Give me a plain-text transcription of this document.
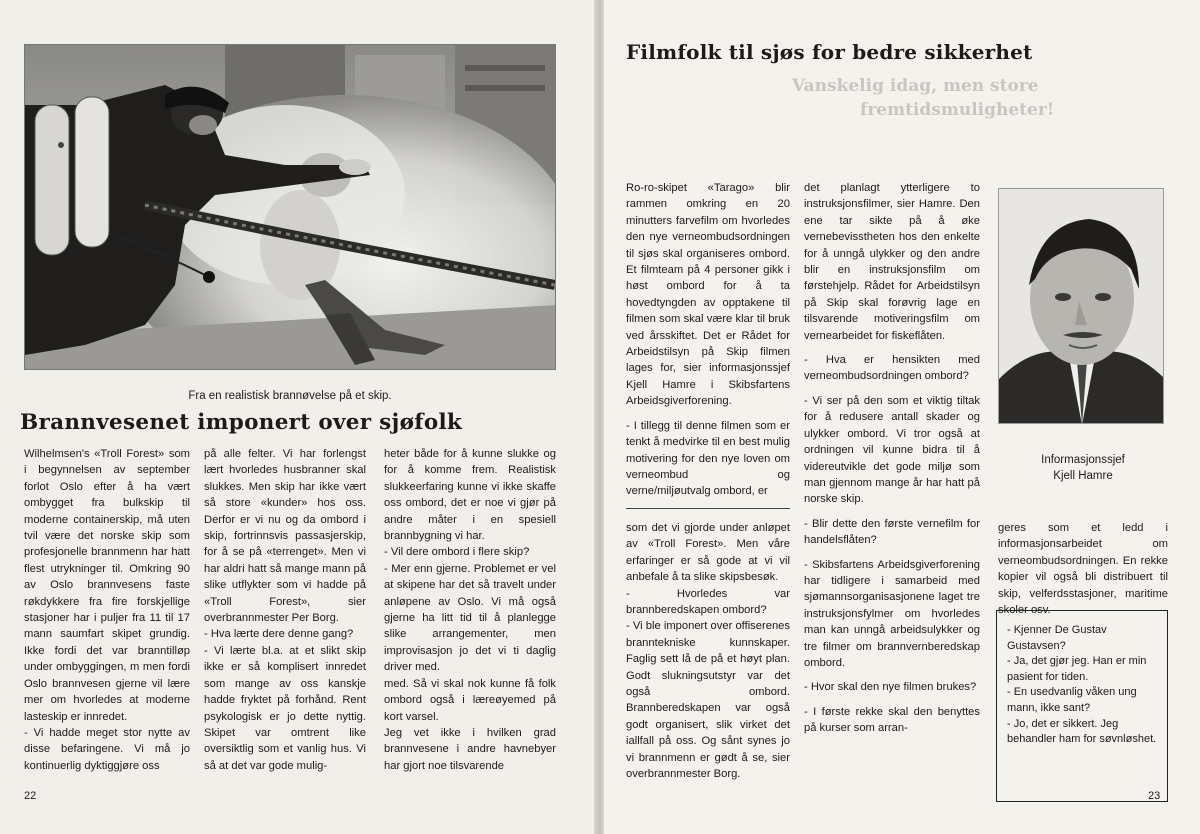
Fra en realistisk brannøvelse på et skip.
Brannvesenet imponert over sjøfolk

Wilhelmsen's «Troll Forest» som i begynnelsen av september forlot Oslo efter å ha vært ombygget fra bulkskip til moderne containerskip, må uten tvil være det norske skip som profesjonelle brannmenn har hatt flest utrykninger til. Omkring 90 av Oslo brannvesens faste røkdykkere fra fire forskjellige stasjoner har i puljer fra 11 til 17 mann saumfart skipet grundig. Ikke fordi det var branntilløp under ombyggingen, m men fordi Oslo brannvesen gjerne vil lære mer om hvorledes at moderne lasteskip er innredet.

- Vi hadde meget stor nytte av disse befaringene. Vi må jo kontinuerlig dyktiggjøre oss

på alle felter. Vi har forlengst lært hvorledes husbranner skal slukkes. Men skip har ikke vært så store «kunder» hos oss. Derfor er vi nu og da ombord i skip, fortrinnsvis passasjerskip, for å se på «terrenget». Men vi har aldri hatt så mange mann på slike utflykter som vi hadde på «Troll Forest», sier overbrannmester Per Borg.

- Hva lærte dere denne gang?

- Vi lærte bl.a. at et slikt skip ikke er så komplisert innredet som mange av oss kanskje hadde fryktet på forhånd. Rent psykologisk er jo dette nyttig. Skipet var omtrent like oversiktlig som et vanlig hus. Vi så at det var gode mulig-

heter både for å kunne slukke og for å komme frem. Realistisk slukkeerfaring kunne vi ikke skaffe oss ombord, det er noe vi gjør på andre måter i en spesiell brannbygning vi har.

- Vil dere ombord i flere skip?

- Mer enn gjerne. Problemet er vel at skipene har det så travelt under anløpene av Oslo. Vi må også gjerne ha litt tid til å planlegge slike arrangementer, men improvisasjon jo det vi ti daglig driver med.

med. Så vi skal nok kunne få folk ombord også i læreøyemed på kort varsel.

Jeg vet ikke i hvilken grad brannvesene i andre havnebyer har gjort noe tilsvarende

22
Vanskelig idag, men store
fremtidsmuligheter!
Filmfolk til sjøs for bedre sikkerhet

Ro-ro-skipet «Tarago» blir rammen omkring en 20 minutters farvefilm om hvorledes den nye verneombudsordningen til sjøs skal organiseres ombord. Et filmteam på 4 personer gikk i høst ombord for å ta hovedtyngden av opptakene til filmen som skal være klar til bruk ved årsskiftet. Det er Rådet for Arbeidstilsyn på Skip filmen lages for, sier informasjonssjef Kjell Hamre i Skibsfartens Arbeidsgiverforening.

- I tillegg til denne filmen som er tenkt å medvirke til en best mulig motivering for den nye loven om verneombud og verne/miljøutvalg ombord, er

som det vi gjorde under anløpet av «Troll Forest». Men våre erfaringer er så gode at vi vil anbefale å ta slike skipsbesøk.

- Hvorledes var brannberedskapen ombord?

- Vi ble imponert over offiserenes branntekniske kunnskaper. Faglig sett lå de på et høyt plan. Godt slukningsutstyr var det også ombord. Brannberedskapen var også godt organisert, slik virket det iallfall på oss. Og sånt synes jo vi brannmenn er gødt å se, sier overbrannmester Borg.

det planlagt ytterligere to instruksjonsfilmer, sier Hamre. Den ene tar sikte på å øke vernebevisstheten hos den enkelte for å unngå ulykker og den andre blir en instruksjonsfilm om førstehjelp. Rådet for Arbeidstilsyn på Skip skal forøvrig lage en tilsvarende motiveringsfilm om vernearbeidet for fiskeflåten.

- Hva er hensikten med verneombudsordningen ombord?

- Vi ser på den som et viktig tiltak for å redusere antall skader og ulykker ombord. Vi tror også at ordningen vil kunne bidra til å videreutvikle det gode miljø som man gjennom mange år har hatt på norske skip.

- Blir dette den første vernefilm for handelsflåten?

- Skibsfartens Arbeidsgiverforening har tidligere i samarbeid med sjømannsorganisasjonene laget tre instruksjonsfylmer om hvorledes man kan unngå arbeidsulykker og tre filmer om brannvernberedskap ombord.

- Hvor skal den nye filmen brukes?

- I første rekke skal den benyttes på kurser som arran-

geres som et ledd i informasjonsarbeidet om verneombudsordningen. En rekke kopier vil også bli distribuert til skip, velferdsstasjoner, maritime skoler osv.

Informasjonssjef
Kjell Hamre
23

- Kjenner De Gustav Gustavsen?

- Ja, det gjør jeg. Han er min pasient for tiden.

- En usedvanlig våken ung mann, ikke sant?

- Jo, det er sikkert. Jeg behandler ham for søvnløshet.
